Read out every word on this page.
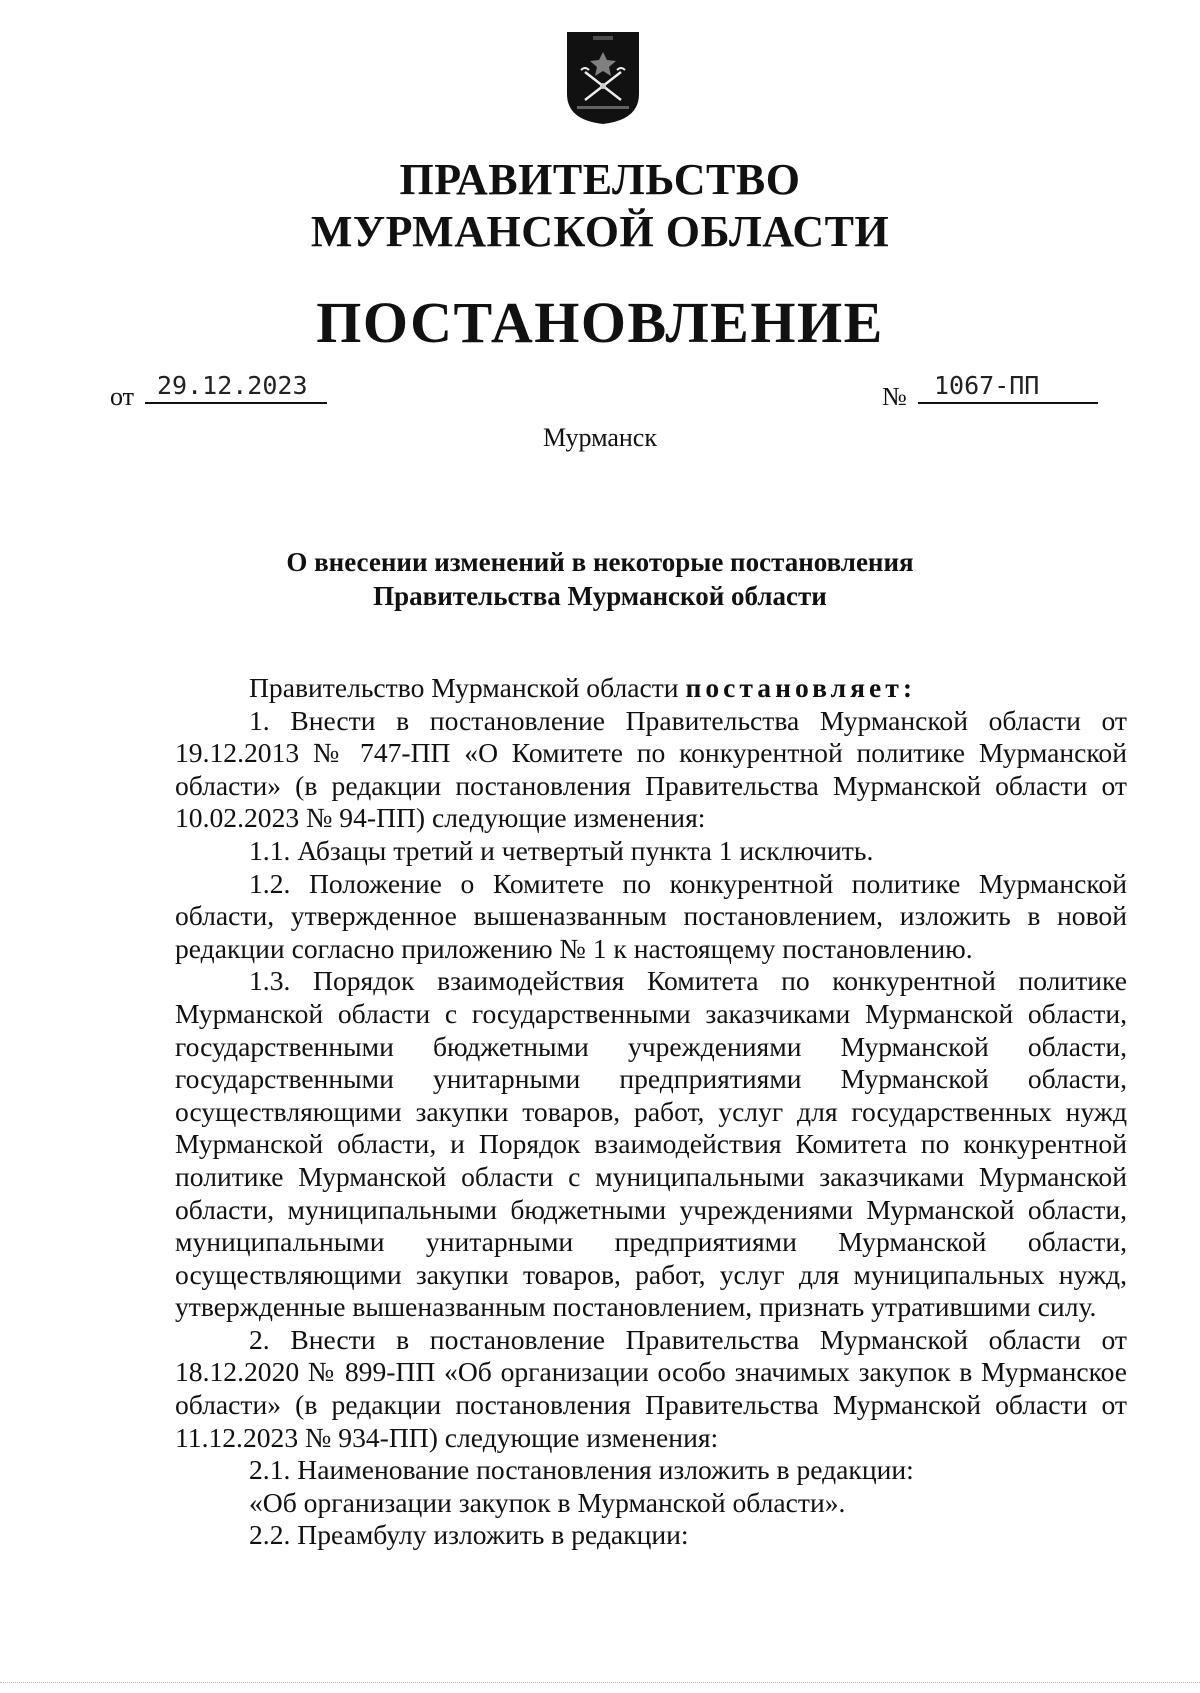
ПРАВИТЕЛЬСТВО
МУРМАНСКОЙ ОБЛАСТИ
ПОСТАНОВЛЕНИЕ
от 29.12.2023	№	1067-ПП
Мурманск
О внесении изменений в некоторые постановления
Правительства Мурманской области

Правительство Мурманской области постановляет:

1. Внести в постановление Правительства Мурманской области от 19.12.2013 № 747-ПП «О Комитете по конкурентной политике Мурманской области» (в редакции постановления Правительства Мурманской области от 10.02.2023 № 94-ПП) следующие изменения:

1.1. Абзацы третий и четвертый пункта 1 исключить.

1.2. Положение о Комитете по конкурентной политике Мурманской области, утвержденное вышеназванным постановлением, изложить в новой редакции согласно приложению № 1 к настоящему постановлению.

1.3. Порядок взаимодействия Комитета по конкурентной политике Мурманской области с государственными заказчиками Мурманской области, государственными бюджетными учреждениями Мурманской области, государственными унитарными предприятиями Мурманской области, осуществляющими закупки товаров, работ, услуг для государственных нужд Мурманской области, и Порядок взаимодействия Комитета по конкурентной политике Мурманской области с муниципальными заказчиками Мурманской области, муниципальными бюджетными учреждениями Мурманской области, муниципальными унитарными предприятиями Мурманской области, осуществляющими закупки товаров, работ, услуг для муниципальных нужд, утвержденные вышеназванным постановлением, признать утратившими силу.

2. Внести в постановление Правительства Мурманской области от 18.12.2020 № 899-ПП «Об организации особо значимых закупок в Мурманское области» (в редакции постановления Правительства Мурманской области от 11.12.2023 № 934-ПП) следующие изменения:

2.1. Наименование постановления изложить в редакции:

«Об организации закупок в Мурманской области».

2.2. Преамбулу изложить в редакции:
